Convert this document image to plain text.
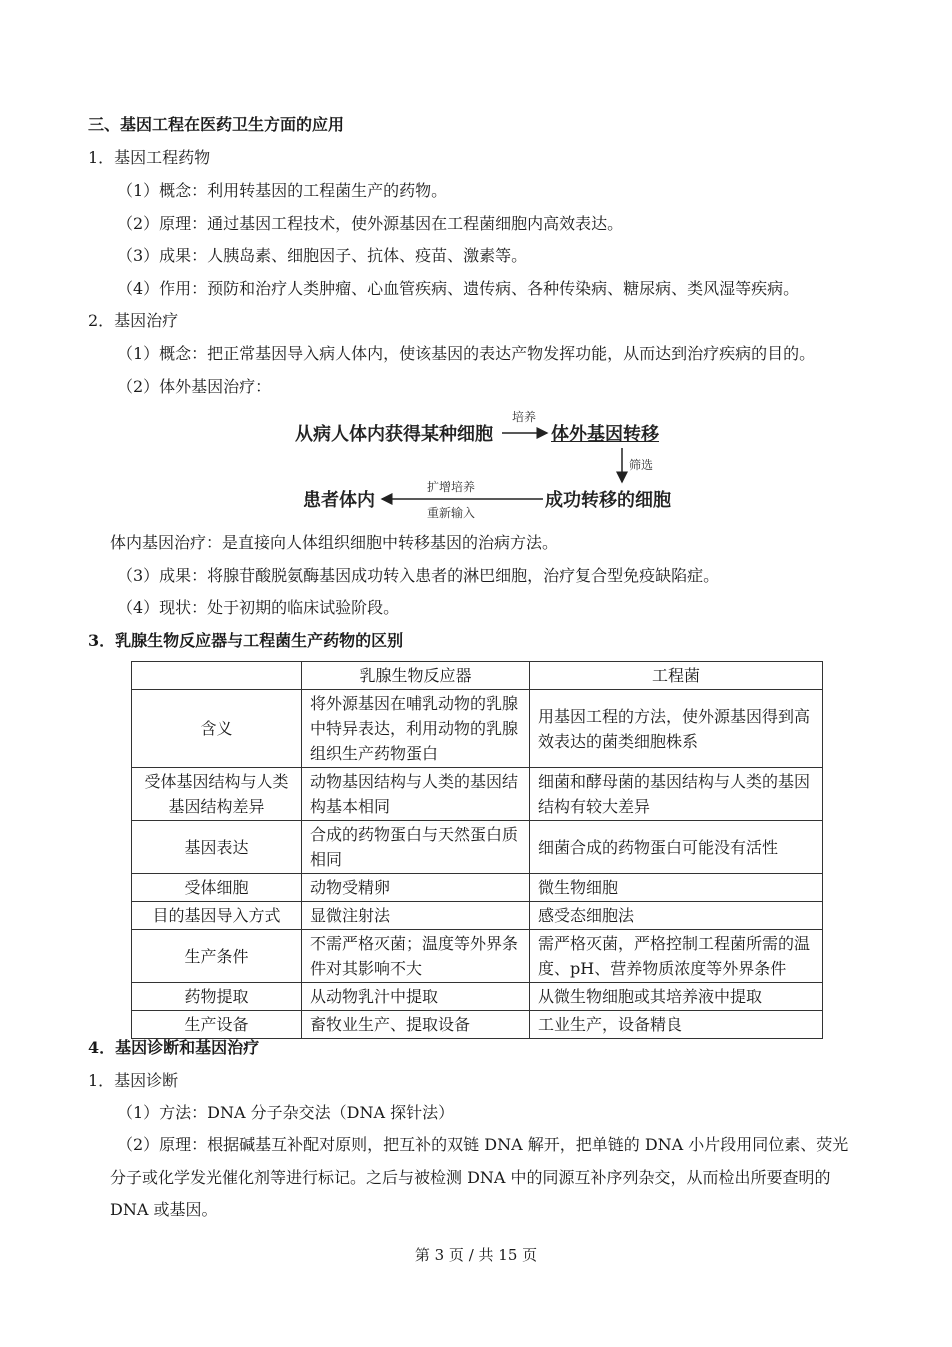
三、基因工程在医药卫生方面的应用
1．基因工程药物
（1）概念：利用转基因的工程菌生产的药物。
（2）原理：通过基因工程技术，使外源基因在工程菌细胞内高效表达。
（3）成果：人胰岛素、细胞因子、抗体、疫苗、激素等。
（4）作用：预防和治疗人类肿瘤、心血管疾病、遗传病、各种传染病、糖尿病、类风湿等疾病。
2．基因治疗
（1）概念：把正常基因导入病人体内，使该基因的表达产物发挥功能，从而达到治疗疾病的目的。
（2）体外基因治疗：
从病人体内获得某种细胞
培养
体外基因转移
筛选
成功转移的细胞
扩增培养
重新输入
患者体内
体内基因治疗：是直接向人体组织细胞中转移基因的治病方法。
（3）成果：将腺苷酸脱氨酶基因成功转入患者的淋巴细胞，治疗复合型免疫缺陷症。
（4）现状：处于初期的临床试验阶段。
3．乳腺生物反应器与工程菌生产药物的区别
	乳腺生物反应器	工程菌
含义	将外源基因在哺乳动物的乳腺中特异表达，利用动物的乳腺组织生产药物蛋白	用基因工程的方法，使外源基因得到高效表达的菌类细胞株系
受体基因结构与人类基因结构差异	动物基因结构与人类的基因结构基本相同	细菌和酵母菌的基因结构与人类的基因结构有较大差异
基因表达	合成的药物蛋白与天然蛋白质相同	细菌合成的药物蛋白可能没有活性
受体细胞	动物受精卵	微生物细胞
目的基因导入方式	显微注射法	感受态细胞法
生产条件	不需严格灭菌；温度等外界条件对其影响不大	需严格灭菌，严格控制工程菌所需的温度、pH、营养物质浓度等外界条件
药物提取	从动物乳汁中提取	从微生物细胞或其培养液中提取
生产设备	畜牧业生产、提取设备	工业生产，设备精良
4．基因诊断和基因治疗
1．基因诊断
（1）方法：DNA 分子杂交法（DNA 探针法）
（2）原理：根据碱基互补配对原则，把互补的双链 DNA 解开，把单链的 DNA 小片段用同位素、荧光
分子或化学发光催化剂等进行标记。之后与被检测 DNA 中的同源互补序列杂交，从而检出所要查明的
DNA 或基因。
第 3 页 / 共 15 页
